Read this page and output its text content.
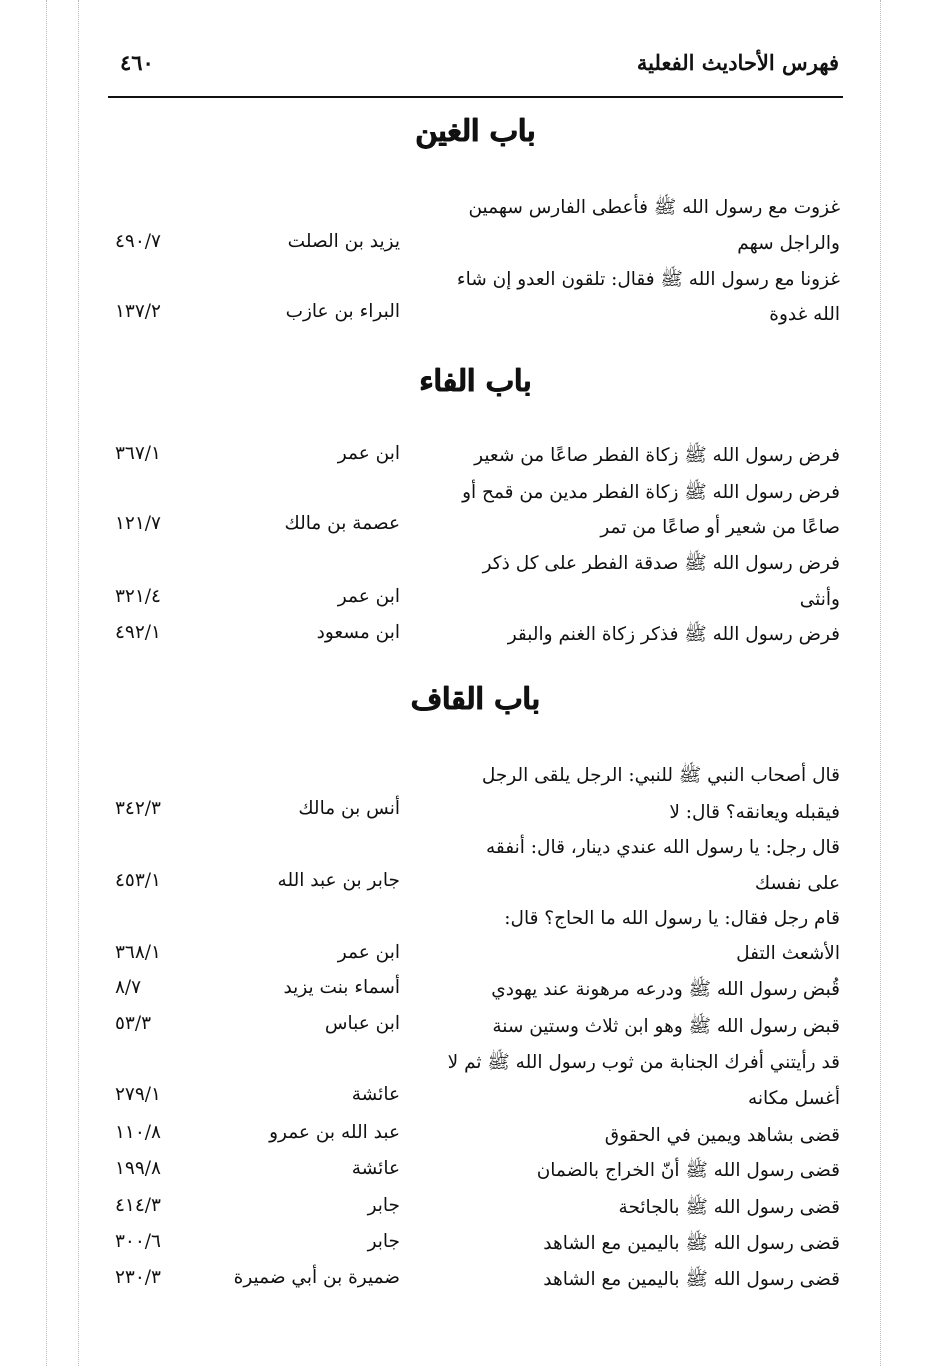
فهرس الأحاديث الفعلية
٤٦٠
باب الغين
غزوت مع رسول الله ﷺ فأعطى الفارس سهمين
والراجل سهم
يزيد بن الصلت
٤٩٠/٧
غزونا مع رسول الله ﷺ فقال: تلقون العدو إن شاء
الله غدوة
البراء بن عازب
١٣٧/٢
باب الفاء
فرض رسول الله ﷺ زكاة الفطر صاعًا من شعير
ابن عمر
٣٦٧/١
فرض رسول الله ﷺ زكاة الفطر مدين من قمح أو
صاعًا من شعير أو صاعًا من تمر
عصمة بن مالك
١٢١/٧
فرض رسول الله ﷺ صدقة الفطر على كل ذكر
وأنثى
ابن عمر
٣٢١/٤
فرض رسول الله ﷺ فذكر زكاة الغنم والبقر
ابن مسعود
٤٩٢/١
باب القاف
قال أصحاب النبي ﷺ للنبي: الرجل يلقى الرجل
فيقبله ويعانقه؟ قال: لا
أنس بن مالك
٣٤٢/٣
قال رجل: يا رسول الله عندي دينار، قال: أنفقه
على نفسك
جابر بن عبد الله
٤٥٣/١
قام رجل فقال: يا رسول الله ما الحاج؟ قال:
الأشعث التفل
ابن عمر
٣٦٨/١
قُبض رسول الله ﷺ ودرعه مرهونة عند يهودي
أسماء بنت يزيد
٨/٧
قبض رسول الله ﷺ وهو ابن ثلاث وستين سنة
ابن عباس
٥٣/٣
قد رأيتني أفرك الجنابة من ثوب رسول الله ﷺ ثم لا
أغسل مكانه
عائشة
٢٧٩/١
قضى بشاهد ويمين في الحقوق
عبد الله بن عمرو
١١٠/٨
قضى رسول الله ﷺ أنّ الخراج بالضمان
عائشة
١٩٩/٨
قضى رسول الله ﷺ بالجائحة
جابر
٤١٤/٣
قضى رسول الله ﷺ باليمين مع الشاهد
جابر
٣٠٠/٦
قضى رسول الله ﷺ باليمين مع الشاهد
ضميرة بن أبي ضميرة
٢٣٠/٣
